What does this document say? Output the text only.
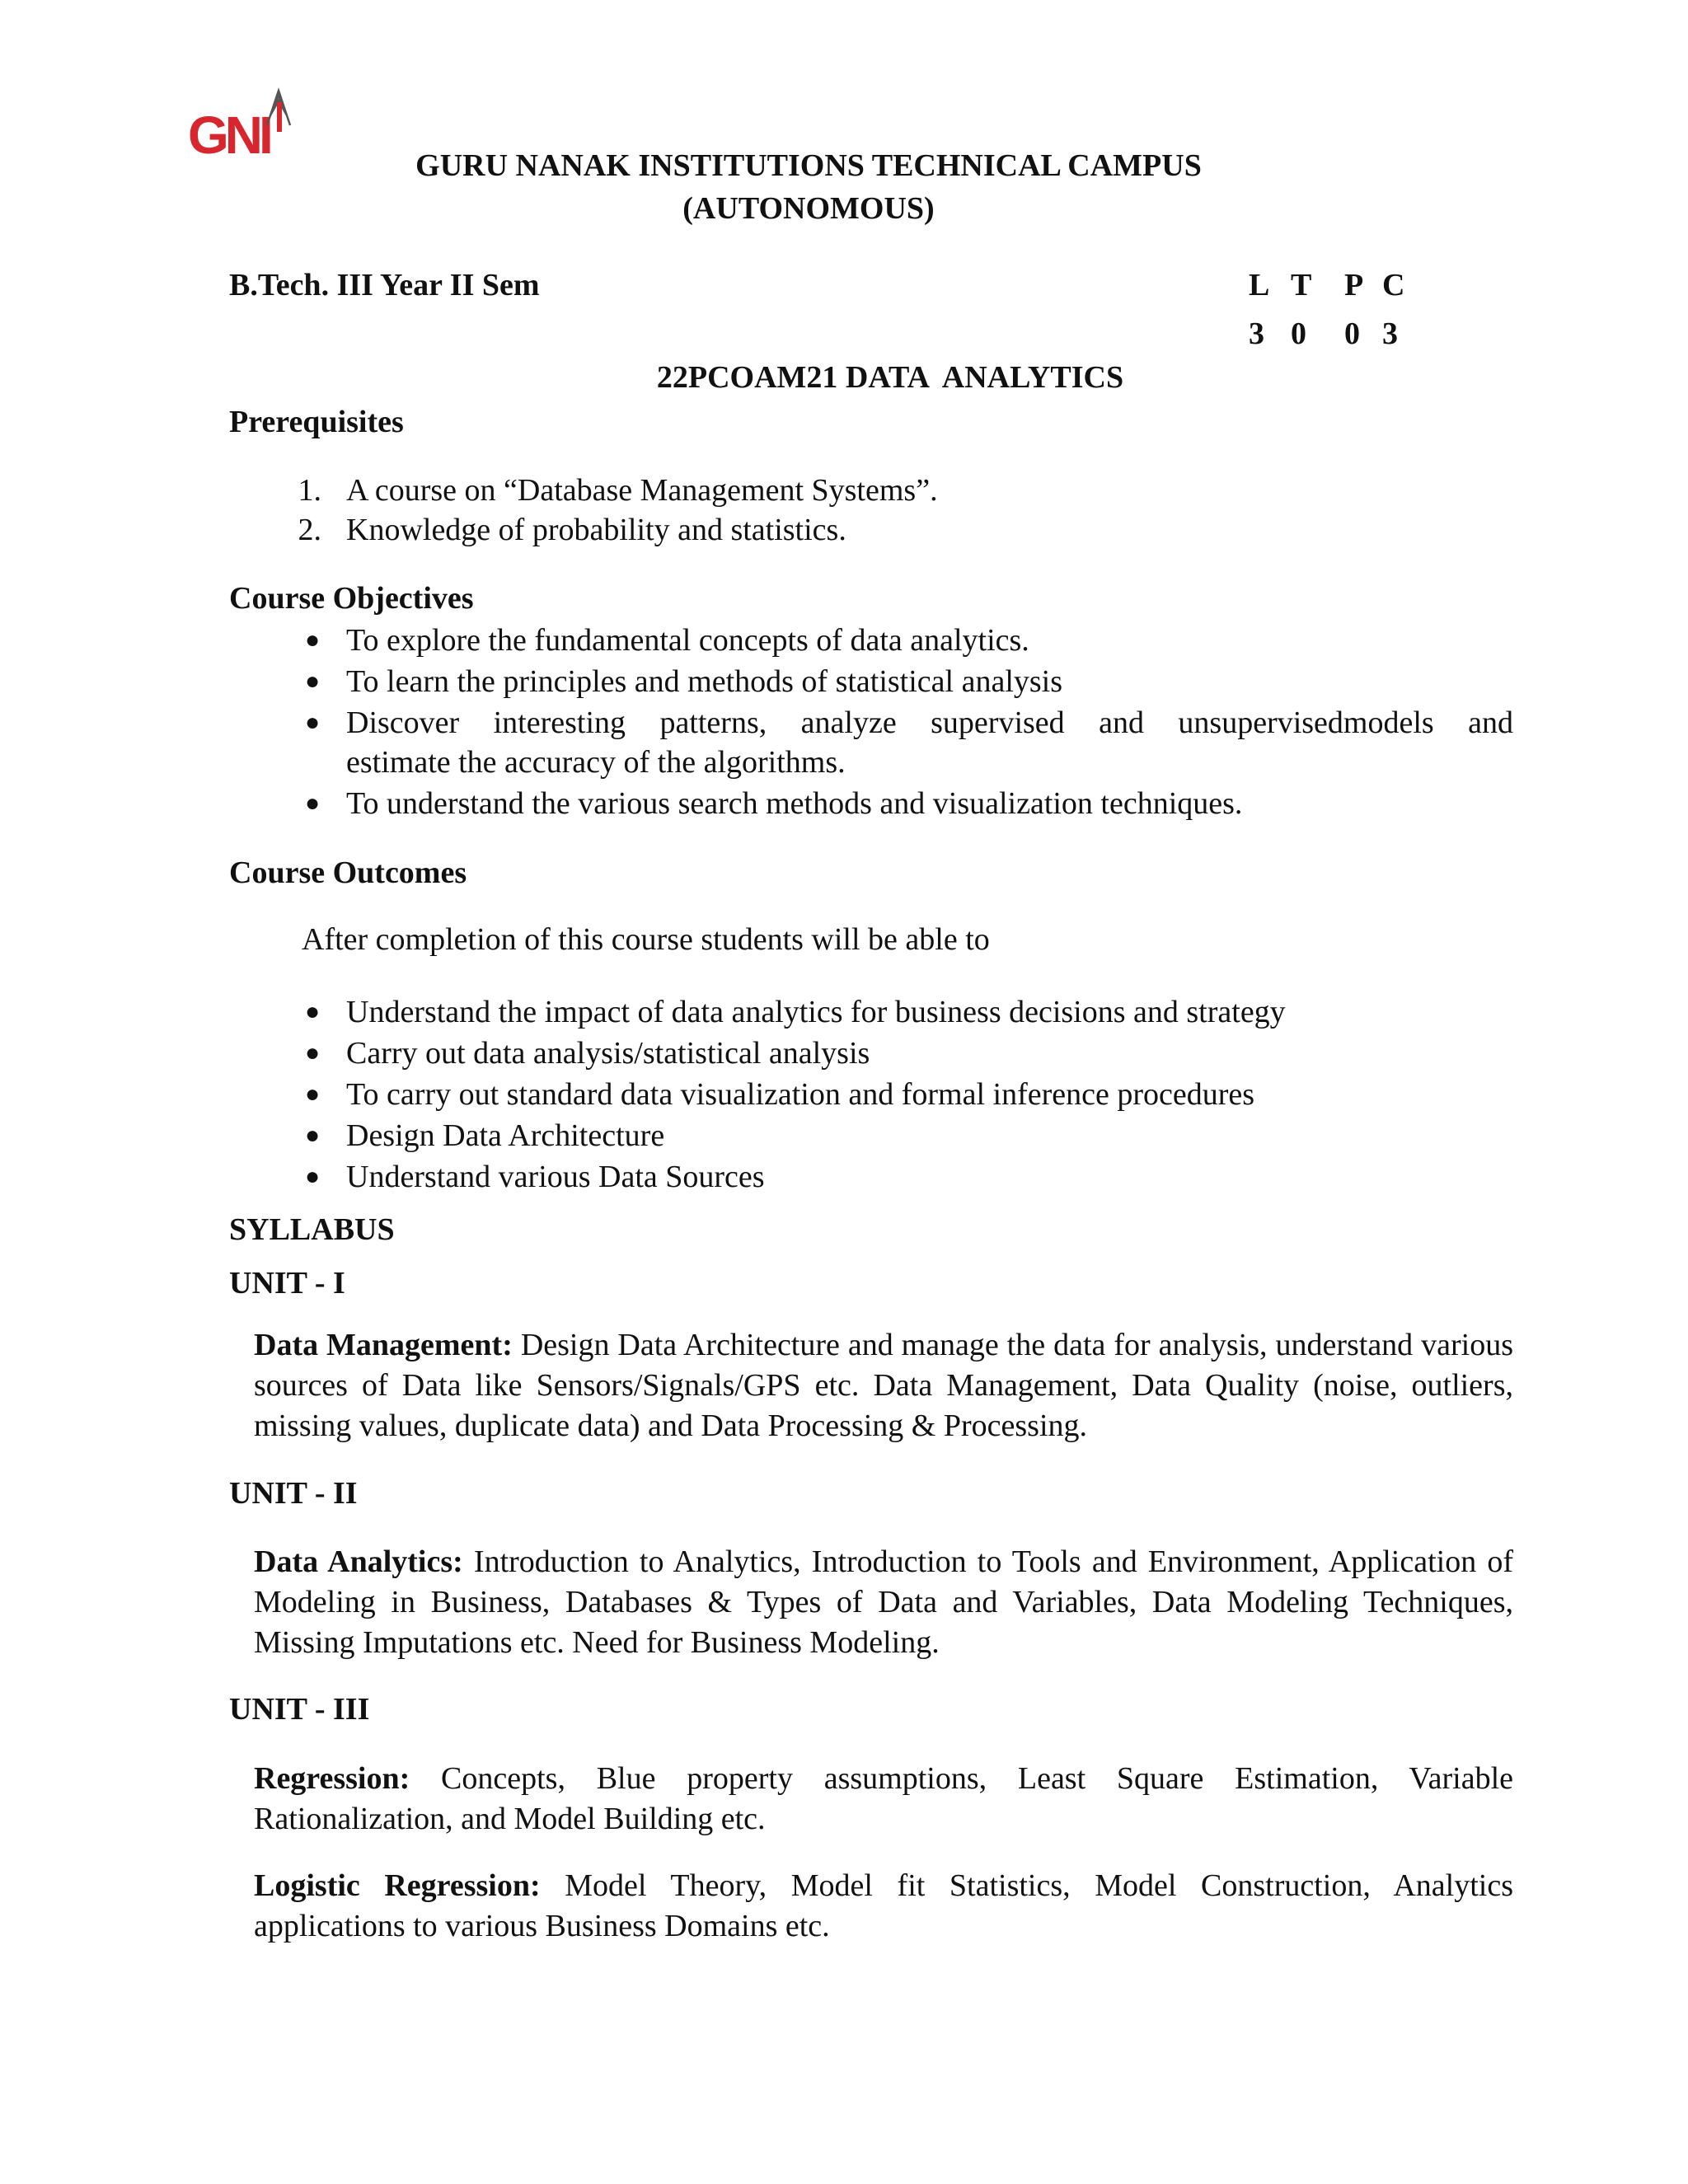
GNI
GURU NANAK INSTITUTIONS TECHNICAL CAMPUS
(AUTONOMOUS)
B.Tech. III Year II Sem	L T P C
3 0 0 3
22PCOAM21 DATA  ANALYTICS
Prerequisites
1. A course on “Database Management Systems”.
2. Knowledge of probability and statistics.
Course Objectives
● To explore the fundamental concepts of data analytics.
● To learn the principles and methods of statistical analysis
● Discover interesting patterns, analyze supervised and unsupervisedmodels and
estimate the accuracy of the algorithms.
● To understand the various search methods and visualization techniques.
Course Outcomes
After completion of this course students will be able to
● Understand the impact of data analytics for business decisions and strategy
● Carry out data analysis/statistical analysis
● To carry out standard data visualization and formal inference procedures
● Design Data Architecture
● Understand various Data Sources
SYLLABUS
UNIT - I
Data Management: Design Data Architecture and manage the data for analysis, understand various sources of Data like Sensors/Signals/GPS etc. Data Management, Data Quality (noise, outliers, missing values, duplicate data) and Data Processing & Processing.
UNIT - II
Data Analytics: Introduction to Analytics, Introduction to Tools and Environment, Application of Modeling in Business, Databases & Types of Data and Variables, Data Modeling Techniques, Missing Imputations etc. Need for Business Modeling.
UNIT - III
Regression: Concepts, Blue property assumptions, Least Square Estimation, Variable Rationalization, and Model Building etc.
Logistic Regression: Model Theory, Model fit Statistics, Model Construction, Analytics applications to various Business Domains etc.
